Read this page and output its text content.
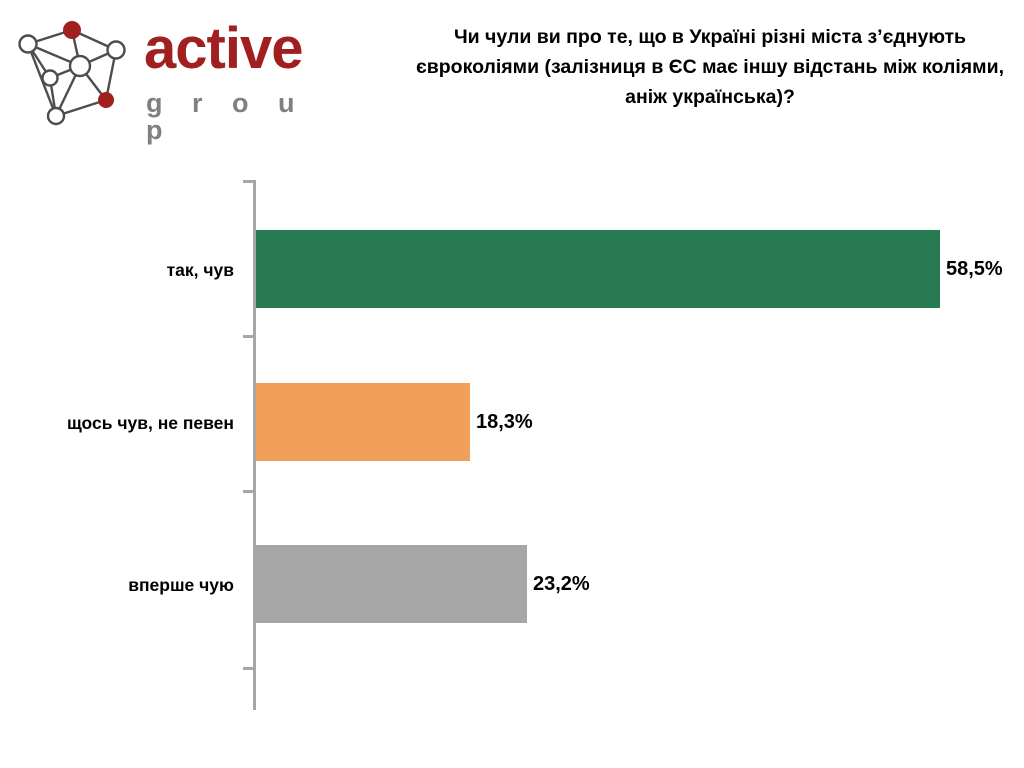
active
g r o u p
Чи чули ви про те, що в Україні різні міста з’єднують євроколіями (залізниця в ЄС має іншу відстань між коліями, аніж українська)?
58,5%
так, чув
18,3%
щось чув, не певен
23,2%
вперше чую
